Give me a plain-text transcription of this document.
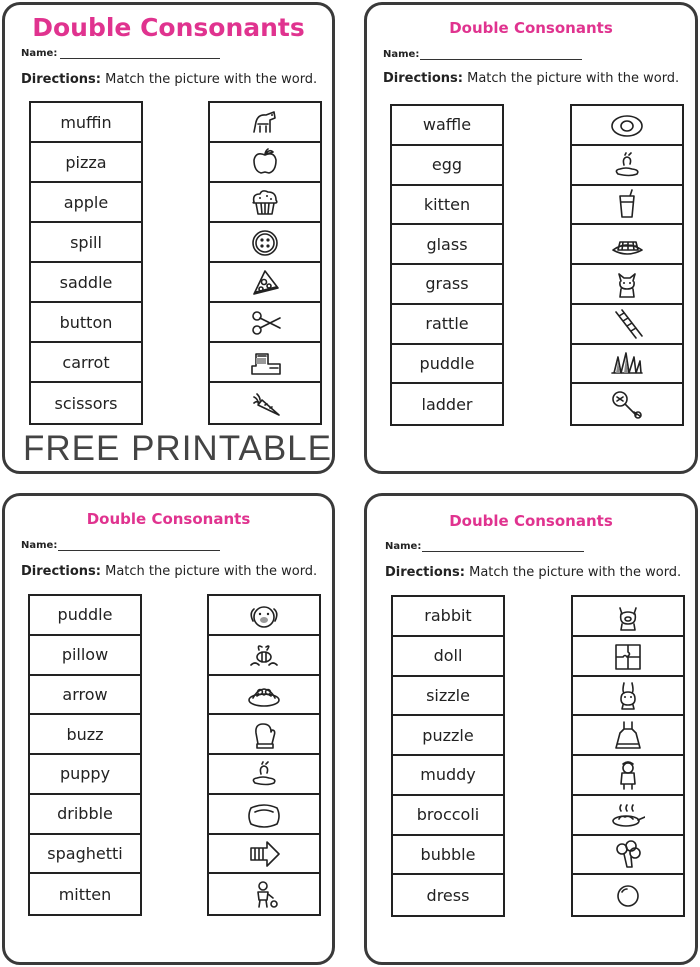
Double Consonants
Name:
Directions: Match the picture with the word.
muffin
pizza
apple
spill
saddle
button
carrot
scissors
FREE PRINTABLE
Double Consonants
Name:
Directions: Match the picture with the word.
waffle
egg
kitten
glass
grass
rattle
puddle
ladder
Double Consonants
Name:
Directions: Match the picture with the word.
puddle
pillow
arrow
buzz
puppy
dribble
spaghetti
mitten
Double Consonants
Name:
Directions: Match the picture with the word.
rabbit
doll
sizzle
puzzle
muddy
broccoli
bubble
dress
